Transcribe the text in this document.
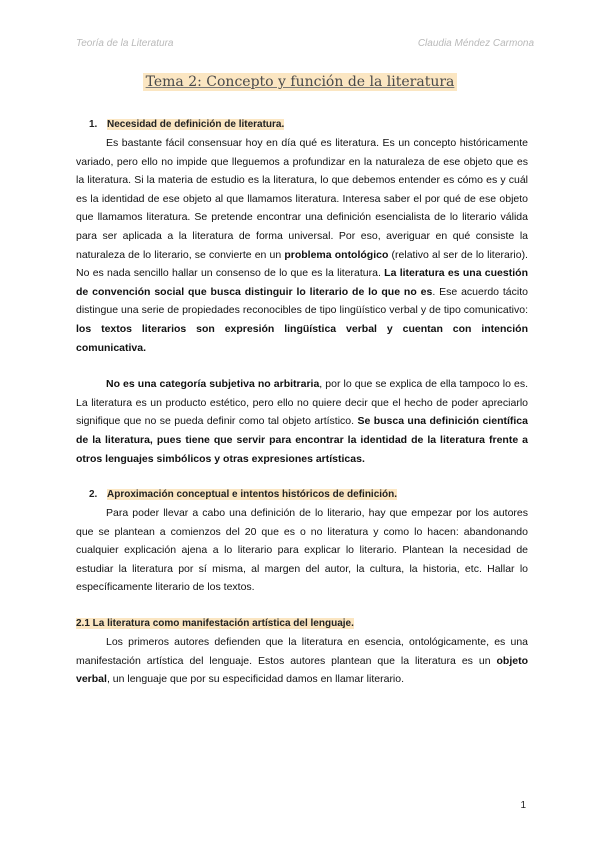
Teoría de la Literatura	Claudia Méndez Carmona
Tema 2: Concepto y función de la literatura
1. Necesidad de definición de literatura.

Es bastante fácil consensuar hoy en día qué es literatura. Es un concepto históricamente variado, pero ello no impide que lleguemos a profundizar en la naturaleza de ese objeto que es la literatura. Si la materia de estudio es la literatura, lo que debemos entender es cómo es y cuál es la identidad de ese objeto al que llamamos literatura. Interesa saber el por qué de ese objeto que llamamos literatura. Se pretende encontrar una definición esencialista de lo literario válida para ser aplicada a la literatura de forma universal. Por eso, averiguar en qué consiste la naturaleza de lo literario, se convierte en un problema ontológico (relativo al ser de lo literario). No es nada sencillo hallar un consenso de lo que es la literatura. La literatura es una cuestión de convención social que busca distinguir lo literario de lo que no es. Ese acuerdo tácito distingue una serie de propiedades reconocibles de tipo lingüístico verbal y de tipo comunicativo: los textos literarios son expresión lingüística verbal y cuentan con intención comunicativa.

No es una categoría subjetiva no arbitraria, por lo que se explica de ella tampoco lo es. La literatura es un producto estético, pero ello no quiere decir que el hecho de poder apreciarlo signifique que no se pueda definir como tal objeto artístico. Se busca una definición científica de la literatura, pues tiene que servir para encontrar la identidad de la literatura frente a otros lenguajes simbólicos y otras expresiones artísticas.

2. Aproximación conceptual e intentos históricos de definición.

Para poder llevar a cabo una definición de lo literario, hay que empezar por los autores que se plantean a comienzos del 20 que es o no literatura y como lo hacen: abandonando cualquier explicación ajena a lo literario para explicar lo literario. Plantean la necesidad de estudiar la literatura por sí misma, al margen del autor, la cultura, la historia, etc. Hallar lo específicamente literario de los textos.

2.1 La literatura como manifestación artística del lenguaje.

Los primeros autores defienden que la literatura en esencia, ontológicamente, es una manifestación artística del lenguaje. Estos autores plantean que la literatura es un objeto verbal, un lenguaje que por su especificidad damos en llamar literario.

1
